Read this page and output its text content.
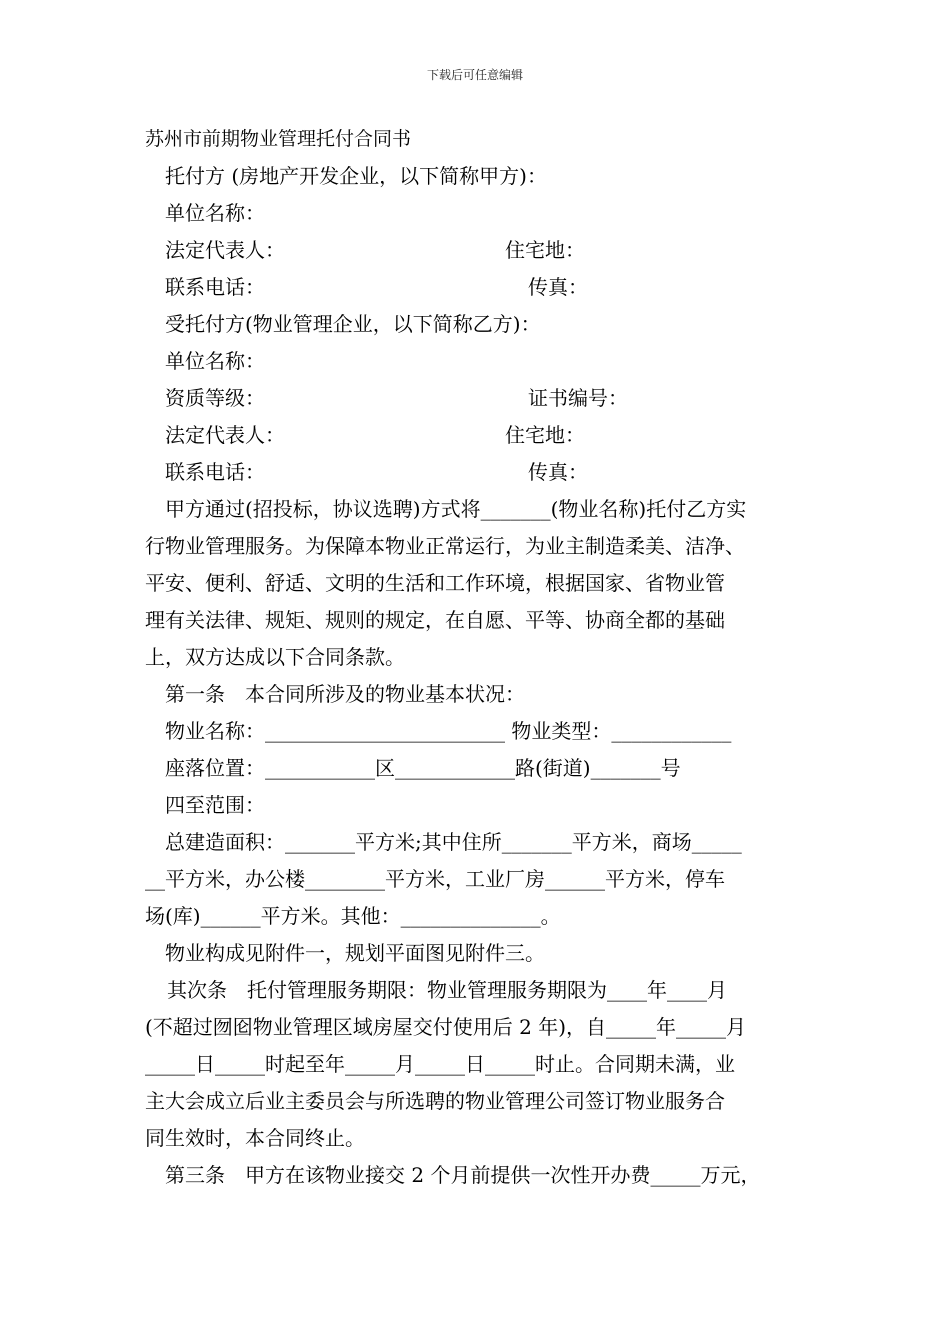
下载后可任意编辑
苏州市前期物业管理托付合同书
托付方 (房地产开发企业，以下简称甲方)：
单位名称：
法定代表人：	住宅地：
联系电话：	传真：
受托付方(物业管理企业，以下简称乙方)：
单位名称：
资质等级：	证书编号：
法定代表人：	住宅地：
联系电话：	传真：
甲方通过(招投标，协议选聘)方式将_______(物业名称)托付乙方实
行物业管理服务。为保障本物业正常运行，为业主制造柔美、洁净、
平安、便利、舒适、文明的生活和工作环境，根据国家、省物业管
理有关法律、规矩、规则的规定，在自愿、平等、协商全都的基础
上，双方达成以下合同条款。
第一条　本合同所涉及的物业基本状况：
物业名称：________________________ 物业类型：____________
座落位置：___________区____________路(街道)_______号
四至范围：
总建造面积：_______平方米;其中住所_______平方米，商场_____
__平方米，办公楼________平方米，工业厂房______平方米，停车
场(库)______平方米。其他：______________。
物业构成见附件一，规划平面图见附件三。
其次条　托付管理服务期限：物业管理服务期限为____年____月
(不超过囫囵物业管理区域房屋交付使用后 2 年)，自_____年_____月
_____日_____时起至年_____月_____日_____时止。合同期未满，业
主大会成立后业主委员会与所选聘的物业管理公司签订物业服务合
同生效时，本合同终止。
第三条　甲方在该物业接交 2 个月前提供一次性开办费_____万元，
